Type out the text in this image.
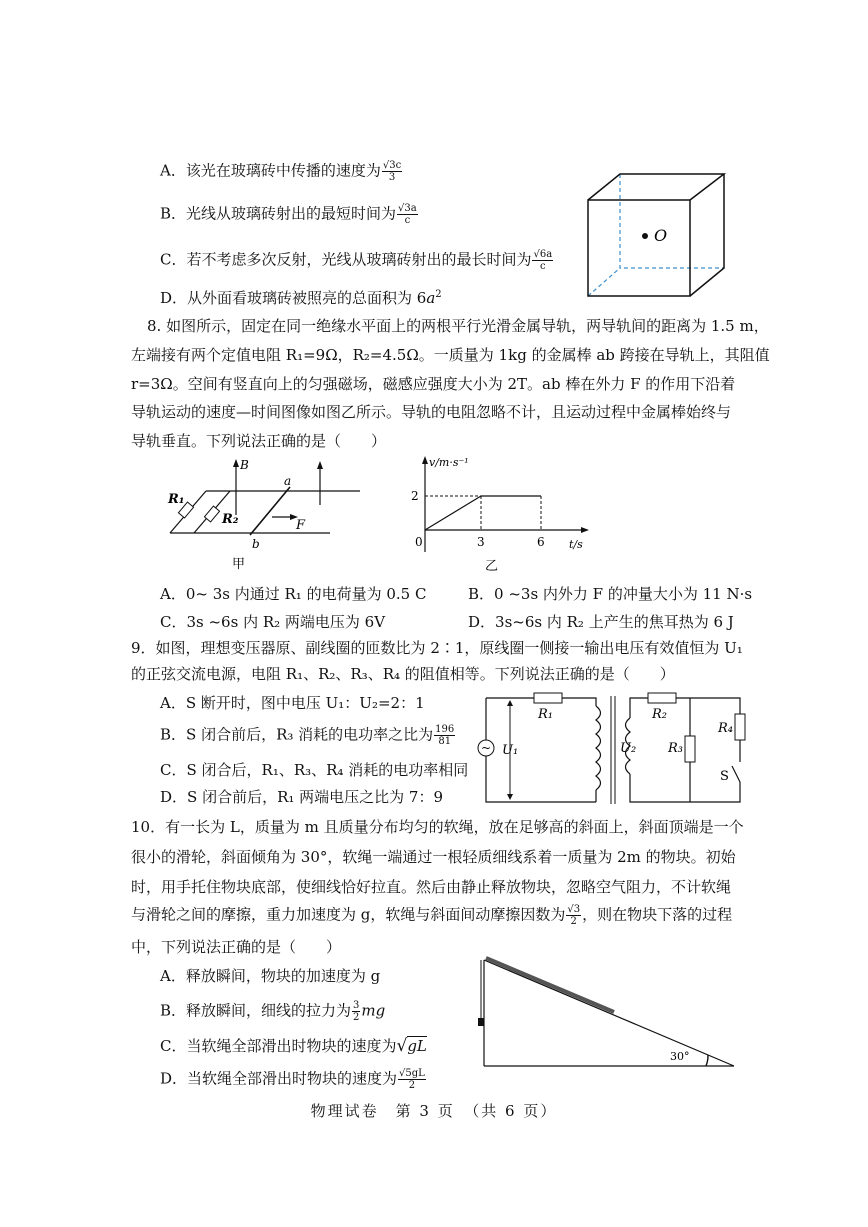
A．该光在玻璃砖中传播的速度为 $\frac{√3c}{3}$
B．光线从玻璃砖射出的最短时间为 $\frac{√3a}{c}$
C．若不考虑多次反射，光线从玻璃砖射出的最长时间为 $\frac{√6a}{c}$
D．从外面看玻璃砖被照亮的总面积为 $6a^2$
O
8. 如图所示，固定在同一绝缘水平面上的两根平行光滑金属导轨，两导轨间的距离为 1.5 m，
左端接有两个定值电阻 R₁=9Ω，R₂=4.5Ω。一质量为 1kg 的金属棒 ab 跨接在导轨上，其阻值
r=3Ω。空间有竖直向上的匀强磁场，磁感应强度大小为 2T。ab 棒在外力 F 的作用下沿着
导轨运动的速度—时间图像如图乙所示。导轨的电阻忽略不计，且运动过程中金属棒始终与
导轨垂直。下列说法正确的是（　　）
R₁
R₂
B
a
b
F
甲
v/m·s⁻¹
t/s
2
0	3	6
乙
A．0~ 3s 内通过 R₁ 的电荷量为 0.5 C	B．0 ~3s 内外力 F 的冲量大小为 11 N·s
C．3s ~6s 内 R₂ 两端电压为 6V	D．3s~6s 内 R₂ 上产生的焦耳热为 6 J
9．如图，理想变压器原、副线圈的匝数比为 2∶1，原线圈一侧接一输出电压有效值恒为 U₁
的正弦交流电源，电阻 R₁、R₂、R₃、R₄ 的阻值相等。下列说法正确的是（　　）
A．S 断开时，图中电压 U₁：U₂=2：1
B．S 闭合前后，R₃ 消耗的电功率之比为 $\frac{196}{81}$
C．S 闭合后，R₁、R₃、R₄ 消耗的电功率相同
D．S 闭合前后，R₁ 两端电压之比为 7：9
R₁
~ U₁
R₂
U₂ R₃
R₄
S
10．有一长为 L，质量为 m 且质量分布均匀的软绳，放在足够高的斜面上，斜面顶端是一个
很小的滑轮，斜面倾角为 30°，软绳一端通过一根轻质细线系着一质量为 2m 的物块。初始
时，用手托住物块底部，使细线恰好拉直。然后由静止释放物块，忽略空气阻力，不计软绳
与滑轮之间的摩擦，重力加速度为 g，软绳与斜面间动摩擦因数为 $\frac{√3}{2}$ ，则在物块下落的过程
中，下列说法正确的是（　　）
A．释放瞬间，物块的加速度为 g
B．释放瞬间，细线的拉力为 $\frac{3}{2}$ mg
C．当软绳全部滑出时物块的速度为√gL
D．当软绳全部滑出时物块的速度为 $\frac{√5gL}{2}$
30°
物理试卷　第 3 页　（共 6 页）
